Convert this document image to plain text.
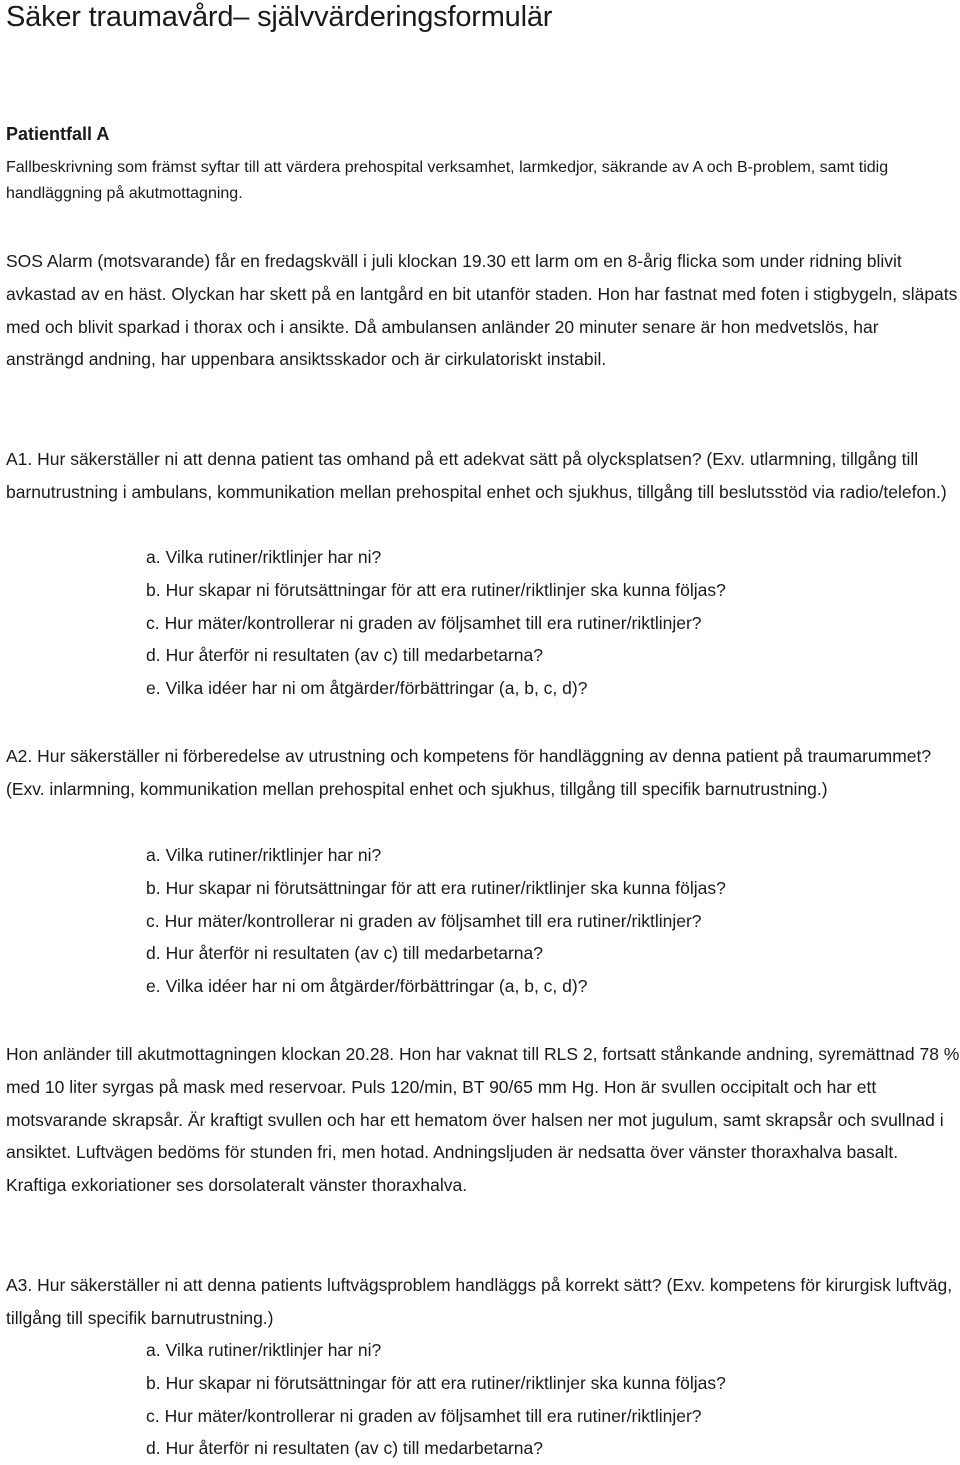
Säker traumavård– självvärderingsformulär
Patientfall A

Fallbeskrivning som främst syftar till att värdera prehospital verksamhet, larmkedjor, säkrande av A och B-problem, samt tidig handläggning på akutmottagning.

SOS Alarm (motsvarande) får en fredagskväll i juli klockan 19.30 ett larm om en 8-årig flicka som under ridning blivit avkastad av en häst. Olyckan har skett på en lantgård en bit utanför staden. Hon har fastnat med foten i stigbygeln, släpats med och blivit sparkad i thorax och i ansikte. Då ambulansen anländer 20 minuter senare är hon medvetslös, har ansträngd andning, har uppenbara ansiktsskador och är cirkulatoriskt instabil.

A1. Hur säkerställer ni att denna patient tas omhand på ett adekvat sätt på olycksplatsen? (Exv. utlarmning, tillgång till barnutrustning i ambulans, kommunikation mellan prehospital enhet och sjukhus, tillgång till beslutsstöd via radio/telefon.)

a. Vilka rutiner/riktlinjer har ni?
b. Hur skapar ni förutsättningar för att era rutiner/riktlinjer ska kunna följas?
c. Hur mäter/kontrollerar ni graden av följsamhet till era rutiner/riktlinjer?
d. Hur återför ni resultaten (av c) till medarbetarna?
e. Vilka idéer har ni om åtgärder/förbättringar (a, b, c, d)?

A2. Hur säkerställer ni förberedelse av utrustning och kompetens för handläggning av denna patient på traumarummet? (Exv. inlarmning, kommunikation mellan prehospital enhet och sjukhus, tillgång till specifik barnutrustning.)

a. Vilka rutiner/riktlinjer har ni?
b. Hur skapar ni förutsättningar för att era rutiner/riktlinjer ska kunna följas?
c. Hur mäter/kontrollerar ni graden av följsamhet till era rutiner/riktlinjer?
d. Hur återför ni resultaten (av c) till medarbetarna?
e. Vilka idéer har ni om åtgärder/förbättringar (a, b, c, d)?

Hon anländer till akutmottagningen klockan 20.28. Hon har vaknat till RLS 2, fortsatt stånkande andning, syremättnad 78 % med 10 liter syrgas på mask med reservoar. Puls 120/min, BT 90/65 mm Hg. Hon är svullen occipitalt och har ett motsvarande skrapsår. Är kraftigt svullen och har ett hematom över halsen ner mot jugulum, samt skrapsår och svullnad i ansiktet. Luftvägen bedöms för stunden fri, men hotad. Andningsljuden är nedsatta över vänster thoraxhalva basalt. Kraftiga exkoriationer ses dorsolateralt vänster thoraxhalva.

A3. Hur säkerställer ni att denna patients luftvägsproblem handläggs på korrekt sätt? (Exv. kompetens för kirurgisk luftväg, tillgång till specifik barnutrustning.)

a. Vilka rutiner/riktlinjer har ni?
b. Hur skapar ni förutsättningar för att era rutiner/riktlinjer ska kunna följas?
c. Hur mäter/kontrollerar ni graden av följsamhet till era rutiner/riktlinjer?
d. Hur återför ni resultaten (av c) till medarbetarna?
